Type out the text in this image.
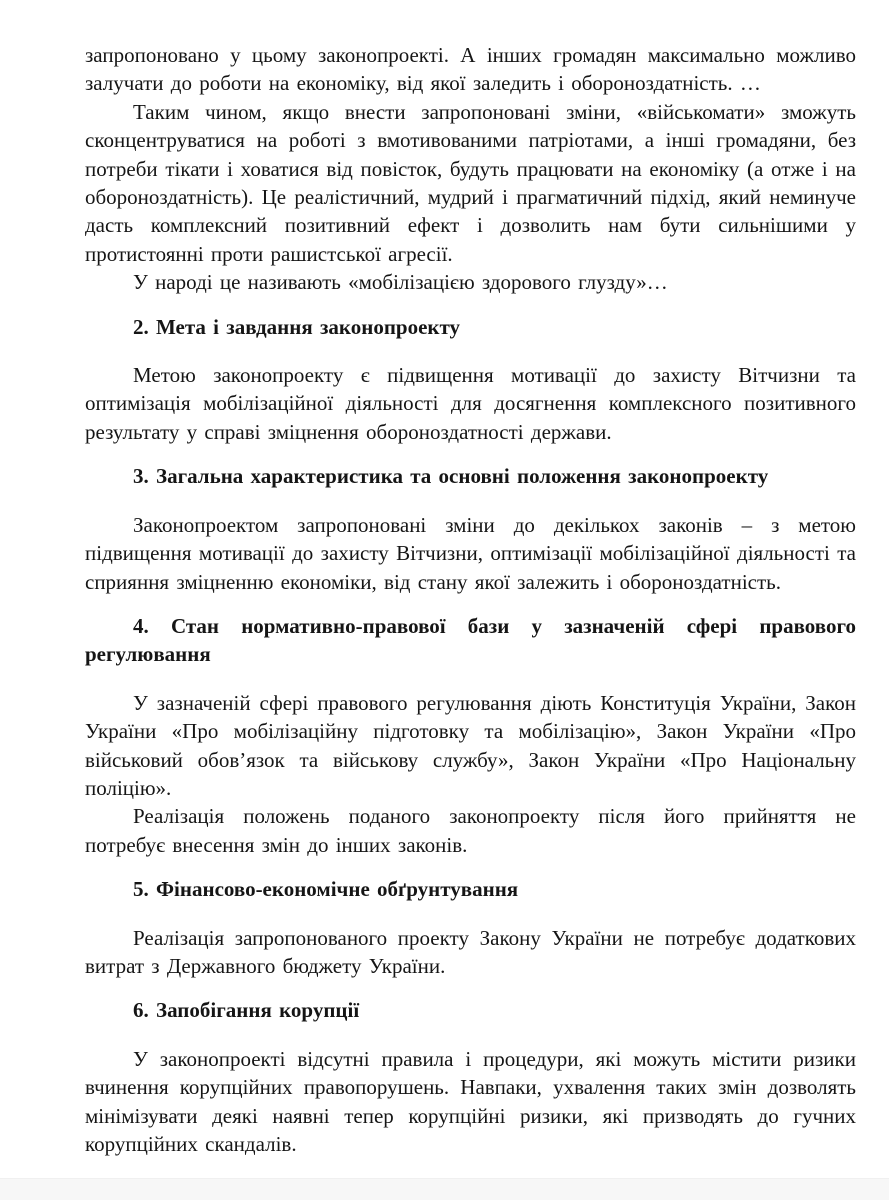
запропоновано у цьому законопроекті. А інших громадян максимально можливо залучати до роботи на економіку, від якої заледить і обороноздатність. …

Таким чином, якщо внести запропоновані зміни, «військомати» зможуть сконцентруватися на роботі з вмотивованими патріотами, а інші громадяни, без потреби тікати і ховатися від повісток, будуть працювати на економіку (а отже і на обороноздатність). Це реалістичний, мудрий і прагматичний підхід, який неминуче дасть комплексний позитивний ефект і дозволить нам бути сильнішими у протистоянні проти рашистської агресії.

У народі це називають «мобілізацією здорового глузду»…

2. Мета і завдання законопроекту

Метою законопроекту є підвищення мотивації до захисту Вітчизни та оптимізація мобілізаційної діяльності для досягнення комплексного позитивного результату у справі зміцнення обороноздатності держави.

3. Загальна характеристика та основні положення законопроекту

Законопроектом запропоновані зміни до декількох законів – з метою підвищення мотивації до захисту Вітчизни, оптимізації мобілізаційної діяльності та сприяння зміцненню економіки, від стану якої залежить і обороноздатність.

4. Стан нормативно-правової бази у зазначеній сфері правового регулювання

У зазначеній сфері правового регулювання діють Конституція України, Закон України «Про мобілізаційну підготовку та мобілізацію», Закон України «Про військовий обов’язок та військову службу», Закон України «Про Національну поліцію».

Реалізація положень поданого законопроекту після його прийняття не потребує внесення змін до інших законів.

5. Фінансово-економічне обґрунтування

Реалізація запропонованого проекту Закону України не потребує додаткових витрат з Державного бюджету України.

6. Запобігання корупції

У законопроекті відсутні правила і процедури, які можуть містити ризики вчинення корупційних правопорушень. Навпаки, ухвалення таких змін дозволять мінімізувати деякі наявні тепер корупційні ризики, які призводять до гучних корупційних скандалів.
